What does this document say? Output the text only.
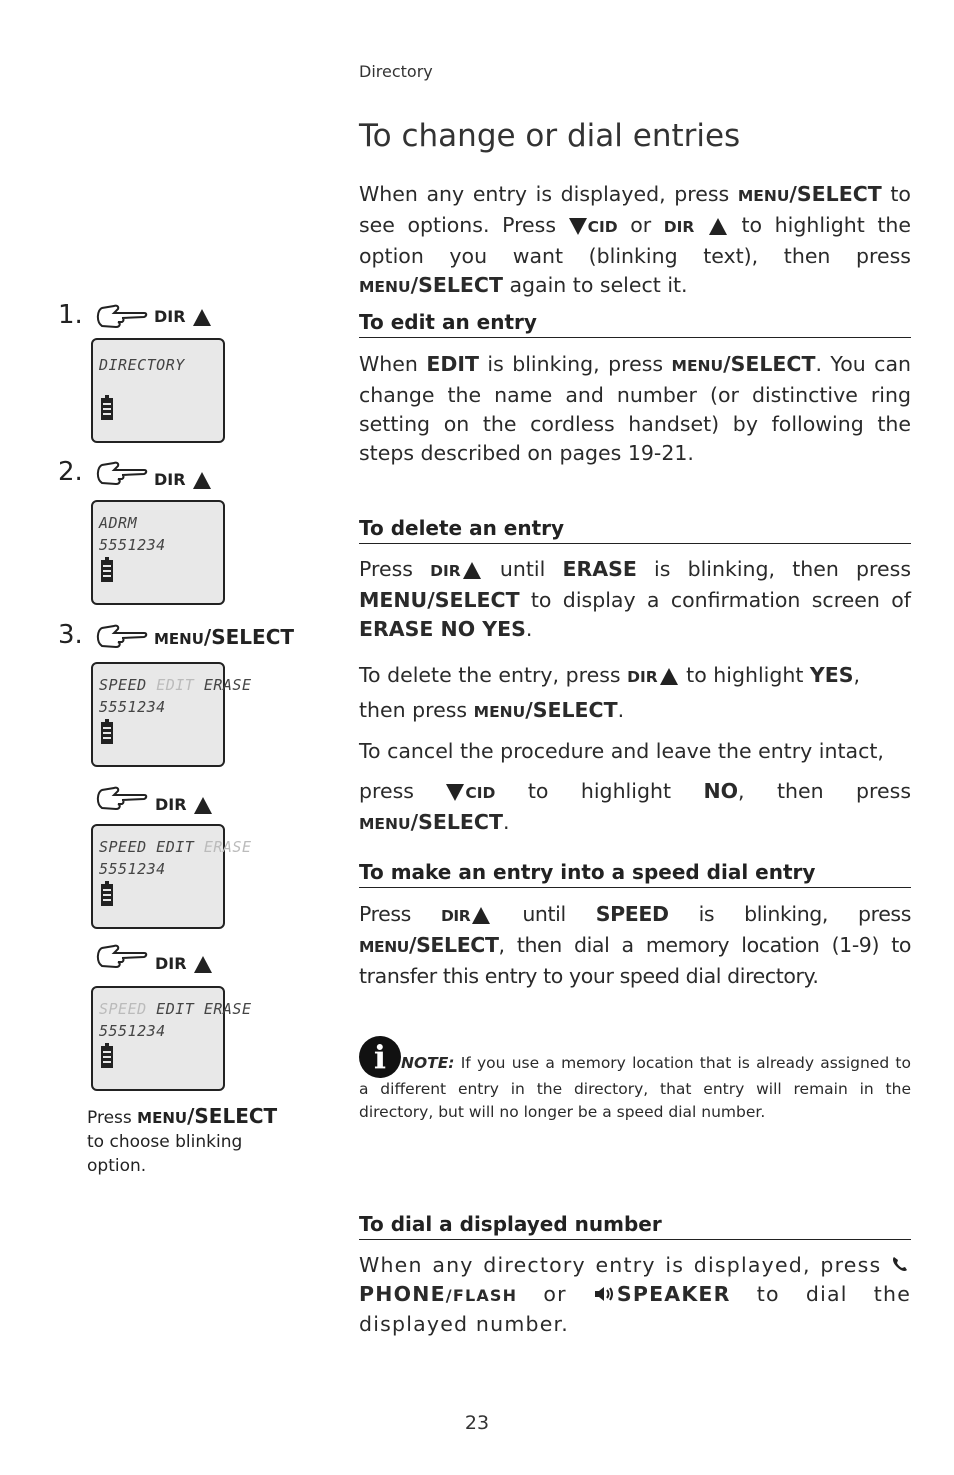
Directory
To change or dial entries

When any entry is displayed, press MENU/SELECT to see options. Press CID or DIR  to highlight the option you want (blinking text), then press MENU/SELECT again to select it.

To edit an entry

When EDIT is blinking, press MENU/SELECT. You can change the name and number (or distinctive ring setting on the cordless handset) by following the steps described on pages 19-21.

To delete an entry

Press DIR until ERASE is blinking, then press MENU/SELECT to display a confirmation screen of ERASE NO YES.

To delete the entry, press DIR to highlight YES,

then press MENU/SELECT.

To cancel the procedure and leave the entry intact,

press CID to highlight NO, then press MENU/SELECT.

To make an entry into a speed dial entry

Press DIR until SPEED is blinking, press MENU/SELECT, then dial a memory location (1-9) to transfer this entry to your speed dial directory.

i NOTE: If you use a memory location that is already assigned to a different entry in the directory, that entry will remain in the directory, but will no longer be a speed dial number.

To dial a displayed number

When any directory entry is displayed, press PHONE/FLASH or SPEAKER to dial the displayed number.

1.	DIR
DIRECTORY
2.	DIR
ADRM
5551234
3.	MENU/SELECT
SPEED EDIT ERASE
5551234
DIR
SPEED EDIT ERASE
5551234
DIR
SPEED EDIT ERASE
5551234
Press MENU/SELECT
to choose blinking option.
23
